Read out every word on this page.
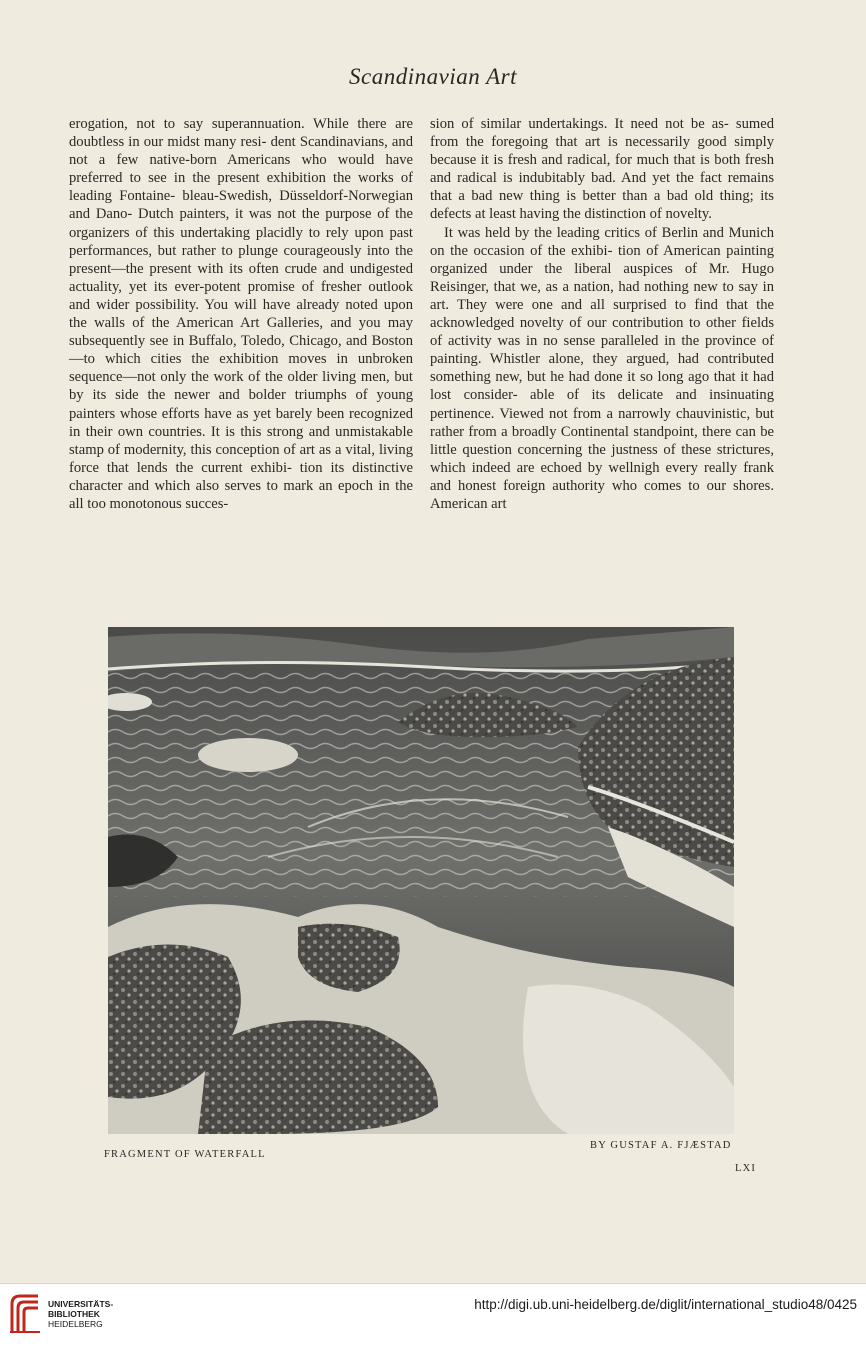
Scandinavian Art

erogation, not to say superannuation. While there are doubtless in our midst many resi- dent Scandinavians, and not a few native-born Americans who would have preferred to see in the present exhibition the works of leading Fontaine- bleau-Swedish, Düsseldorf-Norwegian and Dano- Dutch painters, it was not the purpose of the organizers of this undertaking placidly to rely upon past performances, but rather to plunge courageously into the present—the present with its often crude and undigested actuality, yet its ever-potent promise of fresher outlook and wider possibility. You will have already noted upon the walls of the American Art Galleries, and you may subsequently see in Buffalo, Toledo, Chicago, and Boston—to which cities the exhibition moves in unbroken sequence—not only the work of the older living men, but by its side the newer and bolder triumphs of young painters whose efforts have as yet barely been recognized in their own countries. It is this strong and unmistakable stamp of modernity, this conception of art as a vital, living force that lends the current exhibi- tion its distinctive character and which also serves to mark an epoch in the all too monotonous succes-

sion of similar undertakings. It need not be as- sumed from the foregoing that art is necessarily good simply because it is fresh and radical, for much that is both fresh and radical is indubitably bad. And yet the fact remains that a bad new thing is better than a bad old thing; its defects at least having the distinction of novelty.

It was held by the leading critics of Berlin and Munich on the occasion of the exhibi- tion of American painting organized under the liberal auspices of Mr. Hugo Reisinger, that we, as a nation, had nothing new to say in art. They were one and all surprised to find that the acknowledged novelty of our contribution to other fields of activity was in no sense paralleled in the province of painting. Whistler alone, they argued, had contributed something new, but he had done it so long ago that it had lost consider- able of its delicate and insinuating pertinence. Viewed not from a narrowly chauvinistic, but rather from a broadly Continental standpoint, there can be little question concerning the justness of these strictures, which indeed are echoed by wellnigh every really frank and honest foreign authority who comes to our shores. American art

FRAGMENT OF WATERFALL
BY GUSTAF A. FJÆSTAD
LXI
UNIVERSITÄTS-
BIBLIOTHEK
HEIDELBERG
http://digi.ub.uni-heidelberg.de/diglit/international_studio48/0425
